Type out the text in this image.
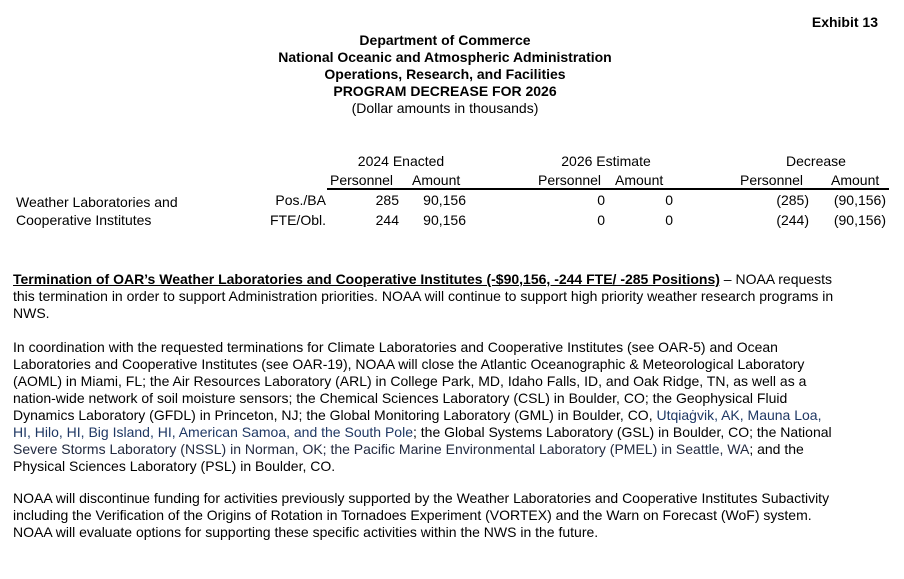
Exhibit 13
Department of Commerce
National Oceanic and Atmospheric Administration
Operations, Research, and Facilities
PROGRAM DECREASE FOR 2026
(Dollar amounts in thousands)
2024 Enacted	2026 Estimate	Decrease
Personnel Amount	Personnel Amount	Personnel Amount
Weather Laboratories and
Cooperative Institutes
Pos./BA	285	90,156	0	0	(285)	(90,156)
FTE/Obl.	244	90,156	0	0	(244)	(90,156)
Termination of OAR’s Weather Laboratories and Cooperative Institutes (-$90,156, -244 FTE/ -285 Positions) – NOAA requests
this termination in order to support Administration priorities. NOAA will continue to support high priority weather research programs in
NWS.
In coordination with the requested terminations for Climate Laboratories and Cooperative Institutes (see OAR-5) and Ocean
Laboratories and Cooperative Institutes (see OAR-19), NOAA will close the Atlantic Oceanographic & Meteorological Laboratory
(AOML) in Miami, FL; the Air Resources Laboratory (ARL) in College Park, MD, Idaho Falls, ID, and Oak Ridge, TN, as well as a
nation-wide network of soil moisture sensors; the Chemical Sciences Laboratory (CSL) in Boulder, CO; the Geophysical Fluid
Dynamics Laboratory (GFDL) in Princeton, NJ; the Global Monitoring Laboratory (GML) in Boulder, CO, Utqiaġvik, AK, Mauna Loa,
HI, Hilo, HI, Big Island, HI, American Samoa, and the South Pole; the Global Systems Laboratory (GSL) in Boulder, CO; the National
Severe Storms Laboratory (NSSL) in Norman, OK; the Pacific Marine Environmental Laboratory (PMEL) in Seattle, WA; and the
Physical Sciences Laboratory (PSL) in Boulder, CO.
NOAA will discontinue funding for activities previously supported by the Weather Laboratories and Cooperative Institutes Subactivity
including the Verification of the Origins of Rotation in Tornadoes Experiment (VORTEX) and the Warn on Forecast (WoF) system.
NOAA will evaluate options for supporting these specific activities within the NWS in the future.
